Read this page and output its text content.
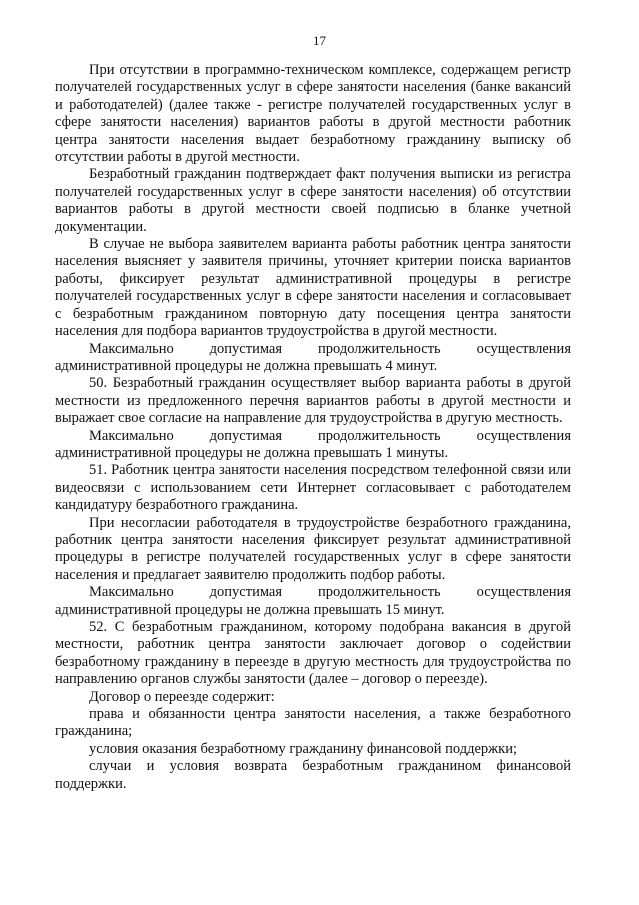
17

При отсутствии в программно-техническом комплексе, содержащем регистр получателей государственных услуг в сфере занятости населения (банке вакансий и работодателей) (далее также - регистре получателей государственных услуг в сфере занятости населения) вариантов работы в другой местности работник центра занятости населения выдает безработному гражданину выписку об отсутствии работы в другой местности.

Безработный гражданин подтверждает факт получения выписки из регистра получателей государственных услуг в сфере занятости населения) об отсутствии вариантов работы в другой местности своей подписью в бланке учетной документации.

В случае не выбора заявителем варианта работы работник центра занятости населения выясняет у заявителя причины, уточняет критерии поиска вариантов работы, фиксирует результат административной процедуры в регистре получателей государственных услуг в сфере занятости населения и согласовывает с безработным гражданином повторную дату посещения центра занятости населения для подбора вариантов трудоустройства в другой местности.

Максимально допустимая продолжительность осуществления административной процедуры не должна превышать 4 минут.

50. Безработный гражданин осуществляет выбор варианта работы в другой местности из предложенного перечня вариантов работы в другой местности и выражает свое согласие на направление для трудоустройства в другую местность.

Максимально допустимая продолжительность осуществления административной процедуры не должна превышать 1 минуты.

51. Работник центра занятости населения посредством телефонной связи или видеосвязи с использованием сети Интернет согласовывает с работодателем кандидатуру безработного гражданина.

При несогласии работодателя в трудоустройстве безработного гражданина, работник центра занятости населения фиксирует результат административной процедуры в регистре получателей государственных услуг в сфере занятости населения и предлагает заявителю продолжить подбор работы.

Максимально допустимая продолжительность осуществления административной процедуры не должна превышать 15 минут.

52. С безработным гражданином, которому подобрана вакансия в другой местности, работник центра занятости заключает договор о содействии безработному гражданину в переезде в другую местность для трудоустройства по направлению органов службы занятости (далее – договор о переезде).

Договор о переезде содержит:

права и обязанности центра занятости населения, а также безработного гражданина;

условия оказания безработному гражданину финансовой поддержки;

случаи и условия возврата безработным гражданином финансовой поддержки.
